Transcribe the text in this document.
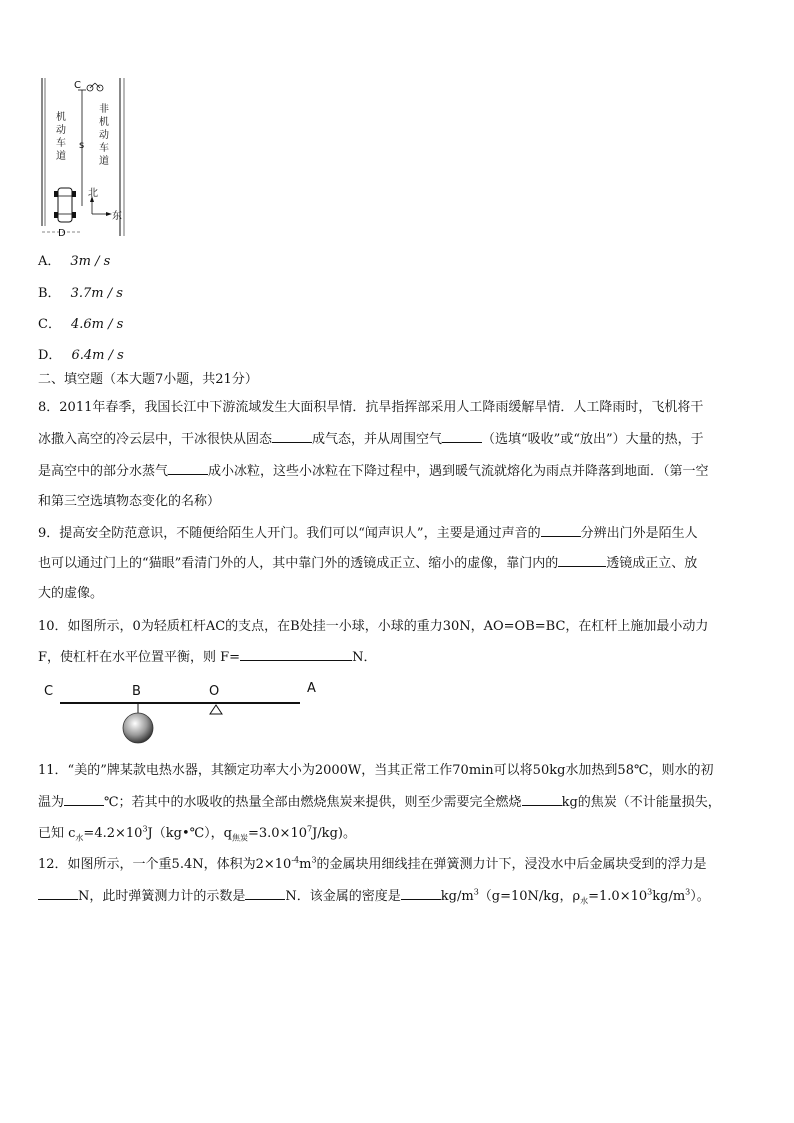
C
s
机
动
车
道
非
机
动
车
道
北
东
D
A． 3m / s
B． 3.7m / s
C． 4.6m / s
D． 6.4m / s
二、填空题（本大题7小题，共21分）
8．2011年春季，我国长江中下游流域发生大面积旱情．抗旱指挥部采用人工降雨缓解旱情．人工降雨时，飞机将干
冰撒入高空的冷云层中，干冰很快从固态	成气态，并从周围空气	（选填“吸收”或“放出”）大量的热，于
是高空中的部分水蒸气	成小冰粒，这些小冰粒在下降过程中，遇到暖气流就熔化为雨点并降落到地面．（第一空
和第三空选填物态变化的名称）
9．提高安全防范意识，不随便给陌生人开门。我们可以“闻声识人”，主要是通过声音的	分辨出门外是陌生人
也可以通过门上的“猫眼”看清门外的人，其中靠门外的透镜成正立、缩小的虚像，靠门内的	透镜成正立、放
大的虚像。
10．如图所示，0为轻质杠杆AC的支点，在B处挂一小球，小球的重力30N，AO=OB=BC，在杠杆上施加最小动力
F，使杠杆在水平位置平衡，则 F=	N．
C	B	O	A
11．“美的”牌某款电热水器，其额定功率大小为2000W，当其正常工作70min可以将50kg水加热到58℃，则水的初
温为	℃；若其中的水吸收的热量全部由燃烧焦炭来提供，则至少需要完全燃烧	kg的焦炭（不计能量损失，
已知 $c_水=4.2\times 10^3J(kg•℃)$，$q_{焦炭}=3.0\times 10^7J/kg$)。
12．如图所示，一个重5.4N，体积为$2\times 10^{-4}m^3$的金属块用细线挂在弹簧测力计下，浸没水中后金属块受到的浮力是
N，此时弹簧测力计的示数是	N．该金属的密度是	$kg/m^3(g=10N/kg$，$\rho_水=1.0\times 10^3kg/m^3$）。
